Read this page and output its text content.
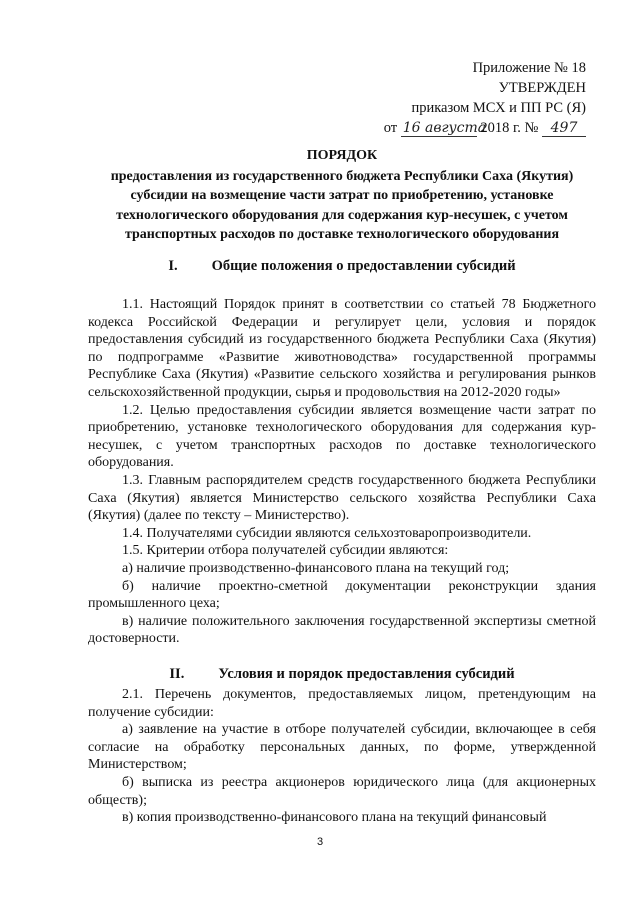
Приложение № 18
УТВЕРЖДЕН
приказом МСХ и ПП РС (Я)
от 16 августа 2018 г. № 497
ПОРЯДОК
предоставления из государственного бюджета Республики Саха (Якутия) субсидии на возмещение части затрат по приобретению, установке технологического оборудования для содержания кур-несушек, с учетом транспортных расходов по доставке технологического оборудования
I. Общие положения о предоставлении субсидий

1.1. Настоящий Порядок принят в соответствии со статьей 78 Бюджетного кодекса Российской Федерации и регулирует цели, условия и порядок предоставления субсидий из государственного бюджета Республики Саха (Якутия) по подпрограмме «Развитие животноводства» государственной программы Республике Саха (Якутия) «Развитие сельского хозяйства и регулирования рынков сельскохозяйственной продукции, сырья и продовольствия на 2012-2020 годы»

1.2. Целью предоставления субсидии является возмещение части затрат по приобретению, установке технологического оборудования для содержания кур-несушек, с учетом транспортных расходов по доставке технологического оборудования.

1.3. Главным распорядителем средств государственного бюджета Республики Саха (Якутия) является Министерство сельского хозяйства Республики Саха (Якутия) (далее по тексту – Министерство).

1.4. Получателями субсидии являются сельхозтоваропроизводители.

1.5. Критерии отбора получателей субсидии являются:

а) наличие производственно-финансового плана на текущий год;

б) наличие проектно-сметной документации реконструкции здания промышленного цеха;

в) наличие положительного заключения государственной экспертизы сметной достоверности.

II. Условия и порядок предоставления субсидий

2.1. Перечень документов, предоставляемых лицом, претендующим на получение субсидии:

а) заявление на участие в отборе получателей субсидии, включающее в себя согласие на обработку персональных данных, по форме, утвержденной Министерством;

б) выписка из реестра акционеров юридического лица (для акционерных обществ);

в) копия производственно-финансового плана на текущий финансовый

3
